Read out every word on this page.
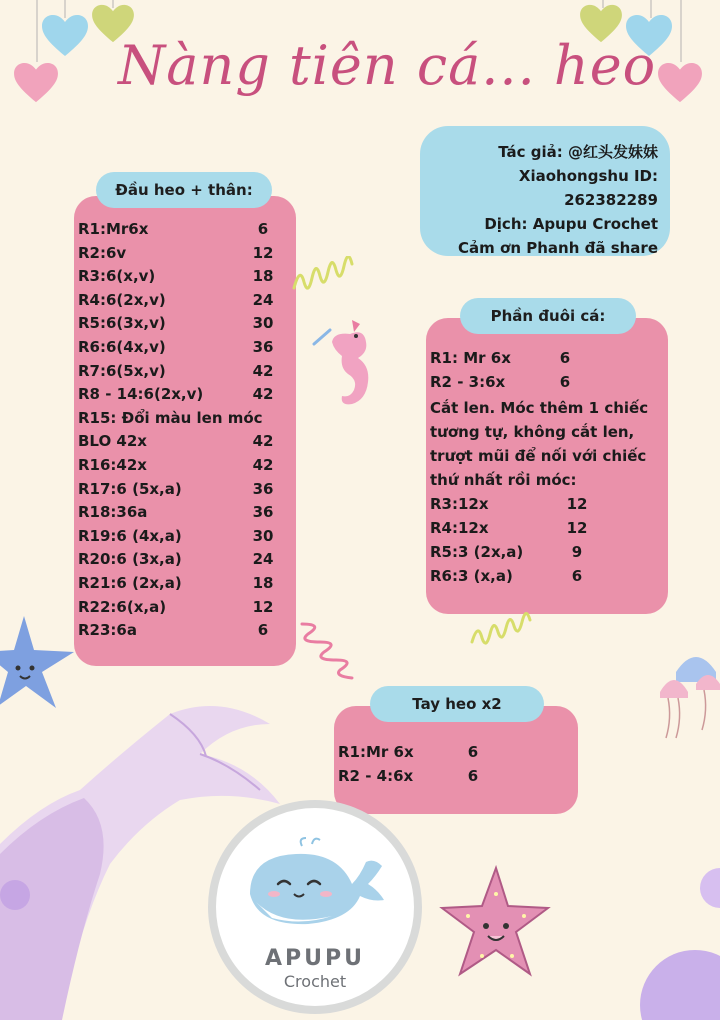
Nàng tiên cá... heo
Tác giả: @红头发妹妹
Xiaohongshu ID: 262382289
Dịch: Apupu Crochet
Cảm ơn Phanh đã share
R1:Mr6x	6
R2:6v	12
R3:6(x,v)	18
R4:6(2x,v)	24
R5:6(3x,v)	30
R6:6(4x,v)	36
R7:6(5x,v)	42
R8 - 14:6(2x,v)	42
R15: Đổi màu len móc
BLO 42x	42
R16:42x	42
R17:6 (5x,a)	36
R18:36a	36
R19:6 (4x,a)	30
R20:6 (3x,a)	24
R21:6 (2x,a)	18
R22:6(x,a)	12
R23:6a	6
Đầu heo + thân:
R1: Mr 6x	6
R2 - 3:6x	6
Cắt len. Móc thêm 1 chiếc tương tự, không cắt len, trượt mũi để nối với chiếc thứ nhất rồi móc:
R3:12x	12
R4:12x	12
R5:3 (2x,a)	9
R6:3 (x,a)	6
Phần đuôi cá:
R1:Mr 6x	6
R2 - 4:6x	6
Tay heo x2
APUPU
Crochet
